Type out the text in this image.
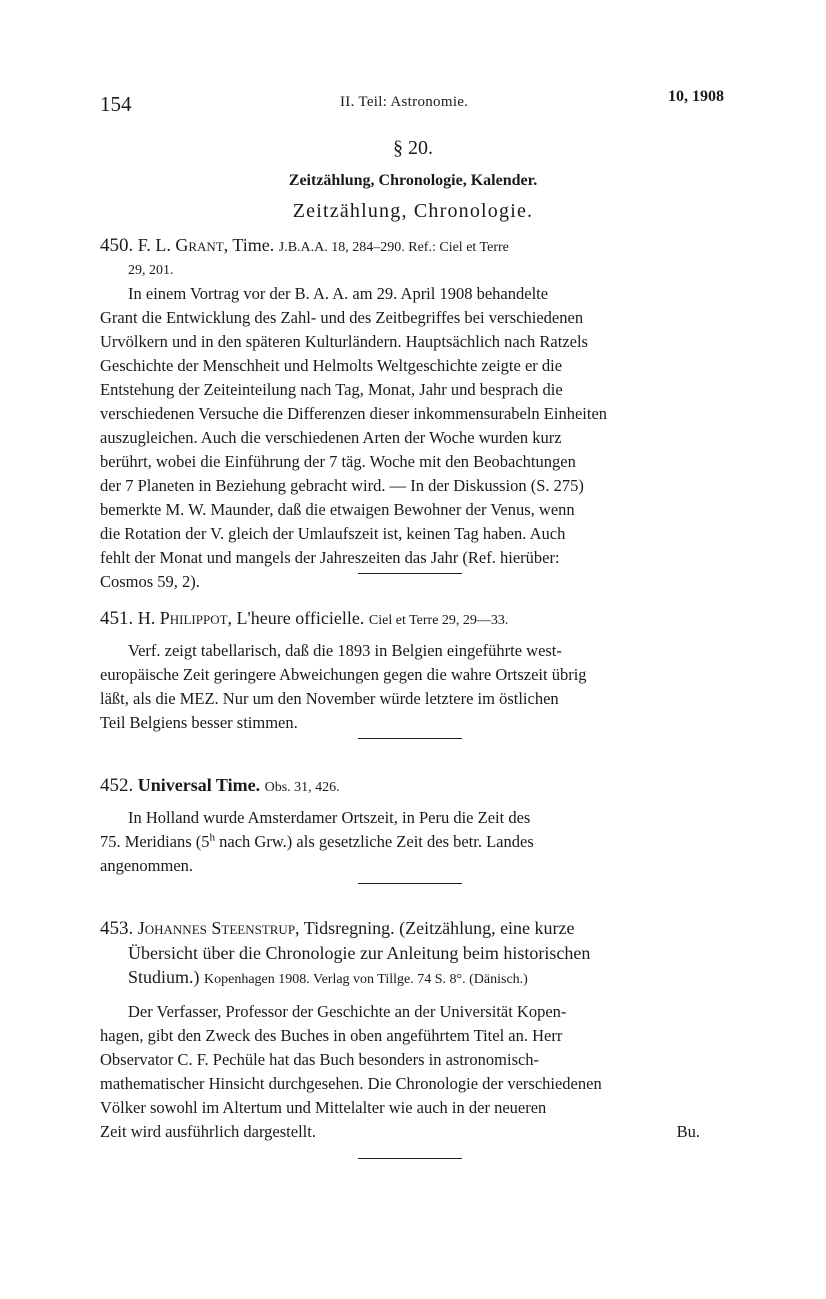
154	II. Teil: Astronomie.	10, 1908
§ 20.
Zeitzählung, Chronologie, Kalender.
Zeitzählung, Chronologie.
450. F. L. Grant, Time. J.B.A.A. 18, 284–290. Ref.: Ciel et Terre
29, 201.
In einem Vortrag vor der B. A. A. am 29. April 1908 behandelte
Grant die Entwicklung des Zahl- und des Zeitbegriffes bei verschiedenen
Urvölkern und in den späteren Kulturländern. Hauptsächlich nach Ratzels
Geschichte der Menschheit und Helmolts Weltgeschichte zeigte er die
Entstehung der Zeiteinteilung nach Tag, Monat, Jahr und besprach die
verschiedenen Versuche die Differenzen dieser inkommensurabeln Einheiten
auszugleichen. Auch die verschiedenen Arten der Woche wurden kurz
berührt, wobei die Einführung der 7 täg. Woche mit den Beobachtungen
der 7 Planeten in Beziehung gebracht wird. — In der Diskussion (S. 275)
bemerkte M. W. Maunder, daß die etwaigen Bewohner der Venus, wenn
die Rotation der V. gleich der Umlaufszeit ist, keinen Tag haben. Auch
fehlt der Monat und mangels der Jahreszeiten das Jahr (Ref. hierüber:
Cosmos 59, 2).
451. H. Philippot, L'heure officielle. Ciel et Terre 29, 29—33.
Verf. zeigt tabellarisch, daß die 1893 in Belgien eingeführte west-
europäische Zeit geringere Abweichungen gegen die wahre Ortszeit übrig
läßt, als die MEZ. Nur um den November würde letztere im östlichen
Teil Belgiens besser stimmen.
452. Universal Time. Obs. 31, 426.
In Holland wurde Amsterdamer Ortszeit, in Peru die Zeit des
75. Meridians (5$^h$ nach Grw.) als gesetzliche Zeit des betr. Landes
angenommen.
453. Johannes Steenstrup, Tidsregning. (Zeitzählung, eine kurze
Übersicht über die Chronologie zur Anleitung beim historischen
Studium.) Kopenhagen 1908. Verlag von Tillge. 74 S. 8°. (Dänisch.)
Der Verfasser, Professor der Geschichte an der Universität Kopen-
hagen, gibt den Zweck des Buches in oben angeführtem Titel an. Herr
Observator C. F. Pechüle hat das Buch besonders in astronomisch-
mathematischer Hinsicht durchgesehen. Die Chronologie der verschiedenen
Völker sowohl im Altertum und Mittelalter wie auch in der neueren
Zeit wird ausführlich dargestellt.	Bu.
